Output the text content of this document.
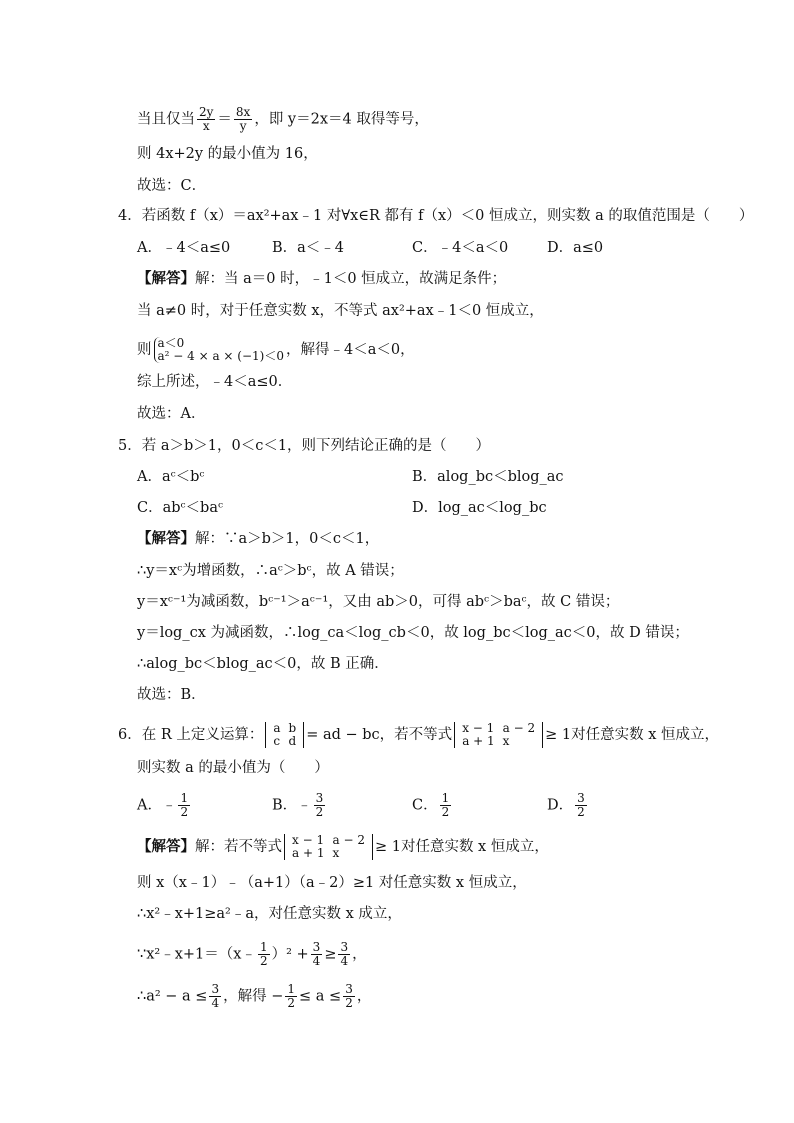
当且仅当 $\frac{2y}{x} = \frac{8x}{y}$ ，即 y＝2x＝4 取得等号，
则 4x+2y 的最小值为 16，
故选：C．
4．若函数 f（x）＝ax²+ax﹣1 对∀x∈R 都有 f（x）＜0 恒成立，则实数 a 的取值范围是（　　）
A．﹣4＜a≤0	B．a＜﹣4	C．﹣4＜a＜0	D．a≤0
【解答】解：当 a＝0 时，﹣1＜0 恒成立，故满足条件；
当 a≠0 时，对于任意实数 x，不等式 ax²+ax﹣1＜0 恒成立，
则 a＜0
a² − 4 × a × (−1)＜0 ，解得﹣4＜a＜0，
综上所述，﹣4＜a≤0．
故选：A．
5．若 a＞b＞1，0＜c＜1，则下列结论正确的是（　　）
A．aᶜ＜bᶜ	B．alog_bc＜blog_ac
C．abᶜ＜baᶜ	D．log_ac＜log_bc
【解答】解：∵a＞b＞1，0＜c＜1，
∴y＝xᶜ为增函数，∴aᶜ＞bᶜ，故 A 错误；
y＝xᶜ⁻¹为减函数，bᶜ⁻¹＞aᶜ⁻¹，又由 ab＞0，可得 abᶜ＞baᶜ，故 C 错误；
y＝log_cx 为减函数，∴log_ca＜log_cb＜0，故 log_bc＜log_ac＜0，故 D 错误；
∴alog_bc＜blog_ac＜0，故 B 正确．
故选：B．
6．在 R 上定义运算： a	b
c	d = ad − bc，若不等式 x − 1	a − 2
a + 1	x ≥ 1对任意实数 x 恒成立，
则实数 a 的最小值为（　　）
A．﹣ $\frac{1}{2}$	B．﹣ $\frac{3}{2}$	C． $\frac{1}{2}$	D． $\frac{3}{2}$
【解答】解：若不等式 x − 1	a − 2
a + 1	x ≥ 1对任意实数 x 恒成立，
则 x（x﹣1）﹣（a+1）（a﹣2）≥1 对任意实数 x 恒成立，
∴x²﹣x+1≥a²﹣a，对任意实数 x 成立，
∵x²﹣x+1＝（x﹣ $\frac{1}{2} )^2 + \frac{3}{4} \ge \frac{3}{4}$ ，
∴a² − $a \le \frac{3}{4}$ ，解得 − $\frac{1}{2} \le a \le \frac{3}{2}$ ，
